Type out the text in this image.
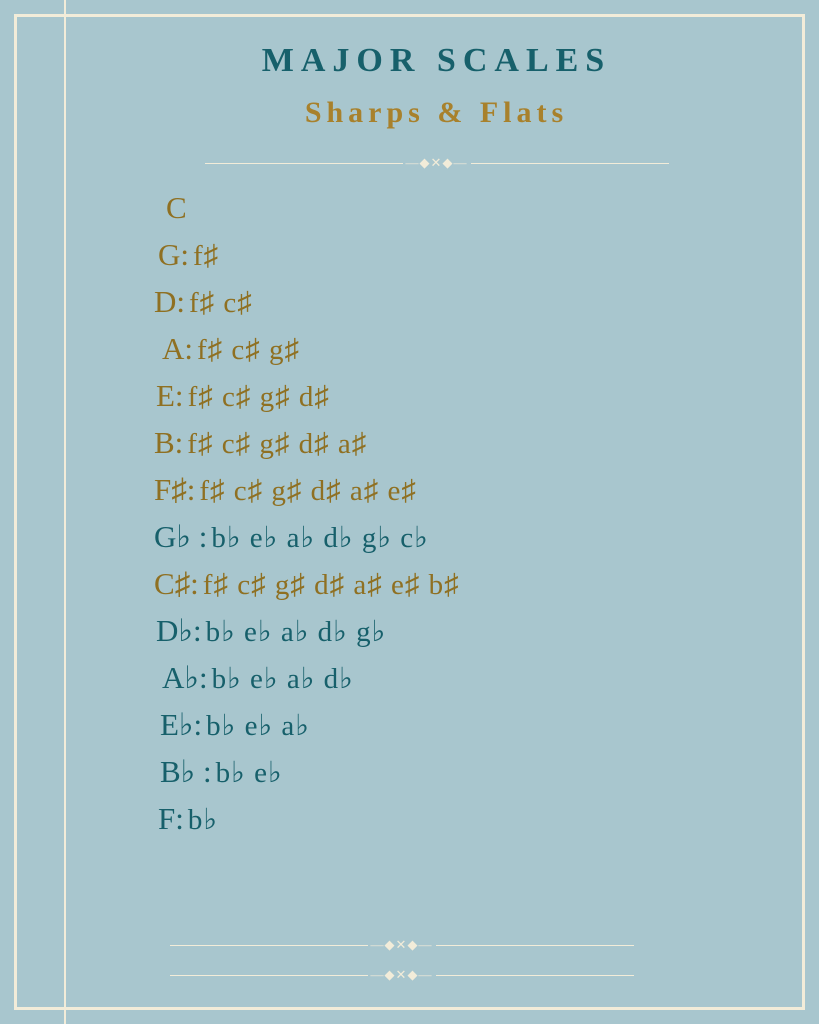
MAJOR SCALES
Sharps & Flats
—◆✕◆—
C
G: f♯
D: f♯ c♯
A: f♯ c♯ g♯
E: f♯ c♯ g♯ d♯
B: f♯ c♯ g♯ d♯ a♯
F♯: f♯ c♯ g♯ d♯ a♯ e♯
G♭ : b♭ e♭ a♭ d♭ g♭ c♭
C♯: f♯ c♯ g♯ d♯ a♯ e♯ b♯
D♭: b♭ e♭ a♭ d♭ g♭
A♭: b♭ e♭ a♭ d♭
E♭: b♭ e♭ a♭
B♭ : b♭ e♭
F: b♭
—◆✕◆—
—◆✕◆—
